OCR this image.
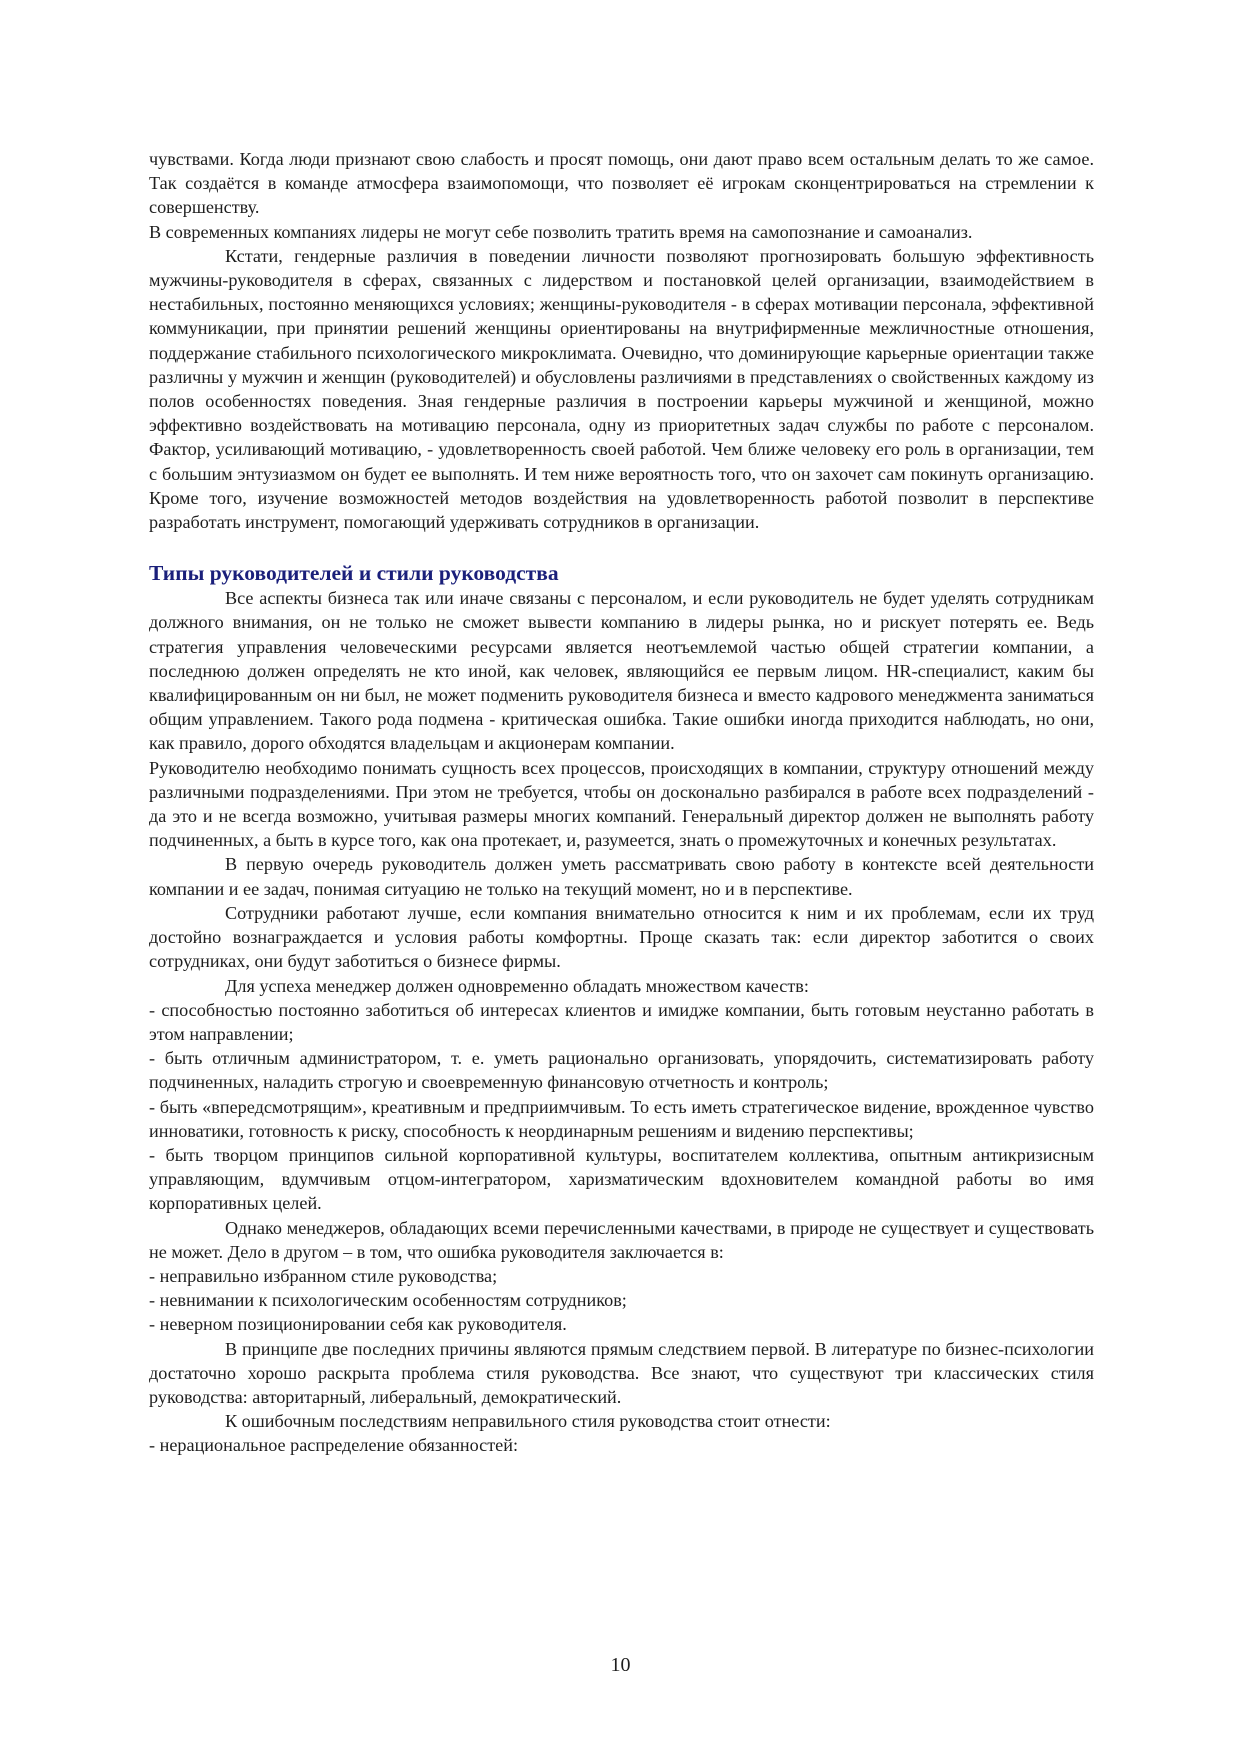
чувствами. Когда люди признают свою слабость и просят помощь, они дают право всем остальным делать то же самое. Так создаётся в команде атмосфера взаимопомощи, что позволяет её игрокам сконцентрироваться на стремлении к совершенству.

В современных компаниях лидеры не могут себе позволить тратить время на самопознание и самоанализ.

Кстати, гендерные различия в поведении личности позволяют прогнозировать большую эффективность мужчины-руководителя в сферах, связанных с лидерством и постановкой целей организации, взаимодействием в нестабильных, постоянно меняющихся условиях; женщины-руководителя - в сферах мотивации персонала, эффективной коммуникации, при принятии решений женщины ориентированы на внутрифирменные межличностные отношения, поддержание стабильного психологического микроклимата. Очевидно, что доминирующие карьерные ориентации также различны у мужчин и женщин (руководителей) и обусловлены различиями в представлениях о свойственных каждому из полов особенностях поведения. Зная гендерные различия в построении карьеры мужчиной и женщиной, можно эффективно воздействовать на мотивацию персонала, одну из приоритетных задач службы по работе с персоналом. Фактор, усиливающий мотивацию, - удовлетворенность своей работой. Чем ближе человеку его роль в организации, тем с большим энтузиазмом он будет ее выполнять. И тем ниже вероятность того, что он захочет сам покинуть организацию. Кроме того, изучение возможностей методов воздействия на удовлетворенность работой позволит в перспективе разработать инструмент, помогающий удерживать сотрудников в организации.

Типы руководителей и стили руководства

Все аспекты бизнеса так или иначе связаны с персоналом, и если руководитель не будет уделять сотрудникам должного внимания, он не только не сможет вывести компанию в лидеры рынка, но и рискует потерять ее. Ведь стратегия управления человеческими ресурсами является неотъемлемой частью общей стратегии компании, а последнюю должен определять не кто иной, как человек, являющийся ее первым лицом. HR-специалист, каким бы квалифицированным он ни был, не может подменить руководителя бизнеса и вместо кадрового менеджмента заниматься общим управлением. Такого рода подмена - критическая ошибка. Такие ошибки иногда приходится наблюдать, но они, как правило, дорого обходятся владельцам и акционерам компании.

Руководителю необходимо понимать сущность всех процессов, происходящих в компании, структуру отношений между различными подразделениями. При этом не требуется, чтобы он досконально разбирался в работе всех подразделений - да это и не всегда возможно, учитывая размеры многих компаний. Генеральный директор должен не выполнять работу подчиненных, а быть в курсе того, как она протекает, и, разумеется, знать о промежуточных и конечных результатах.

В первую очередь руководитель должен уметь рассматривать свою работу в контексте всей деятельности компании и ее задач, понимая ситуацию не только на текущий момент, но и в перспективе.

Сотрудники работают лучше, если компания внимательно относится к ним и их проблемам, если их труд достойно вознаграждается и условия работы комфортны. Проще сказать так: если директор заботится о своих сотрудниках, они будут заботиться о бизнесе фирмы.

Для успеха менеджер должен одновременно обладать множеством качеств:

- способностью постоянно заботиться об интересах клиентов и имидже компании, быть готовым неустанно работать в этом направлении;

- быть отличным администратором, т. е. уметь рационально организовать, упорядочить, систематизировать работу подчиненных, наладить строгую и своевременную финансовую отчетность и контроль;

- быть «впередсмотрящим», креативным и предприимчивым. То есть иметь стратегическое видение, врожденное чувство инноватики, готовность к риску, способность к неординарным решениям и видению перспективы;

- быть творцом принципов сильной корпоративной культуры, воспитателем коллектива, опытным антикризисным управляющим, вдумчивым отцом-интегратором, харизматическим вдохновителем командной работы во имя корпоративных целей.

Однако менеджеров, обладающих всеми перечисленными качествами, в природе не существует и существовать не может. Дело в другом – в том, что ошибка руководителя заключается в:

- неправильно избранном стиле руководства;

- невнимании к психологическим особенностям сотрудников;

- неверном позиционировании себя как руководителя.

В принципе две последних причины являются прямым следствием первой. В литературе по бизнес-психологии достаточно хорошо раскрыта проблема стиля руководства. Все знают, что существуют три классических стиля руководства: авторитарный, либеральный, демократический.

К ошибочным последствиям неправильного стиля руководства стоит отнести:

- нерациональное распределение обязанностей:

10
